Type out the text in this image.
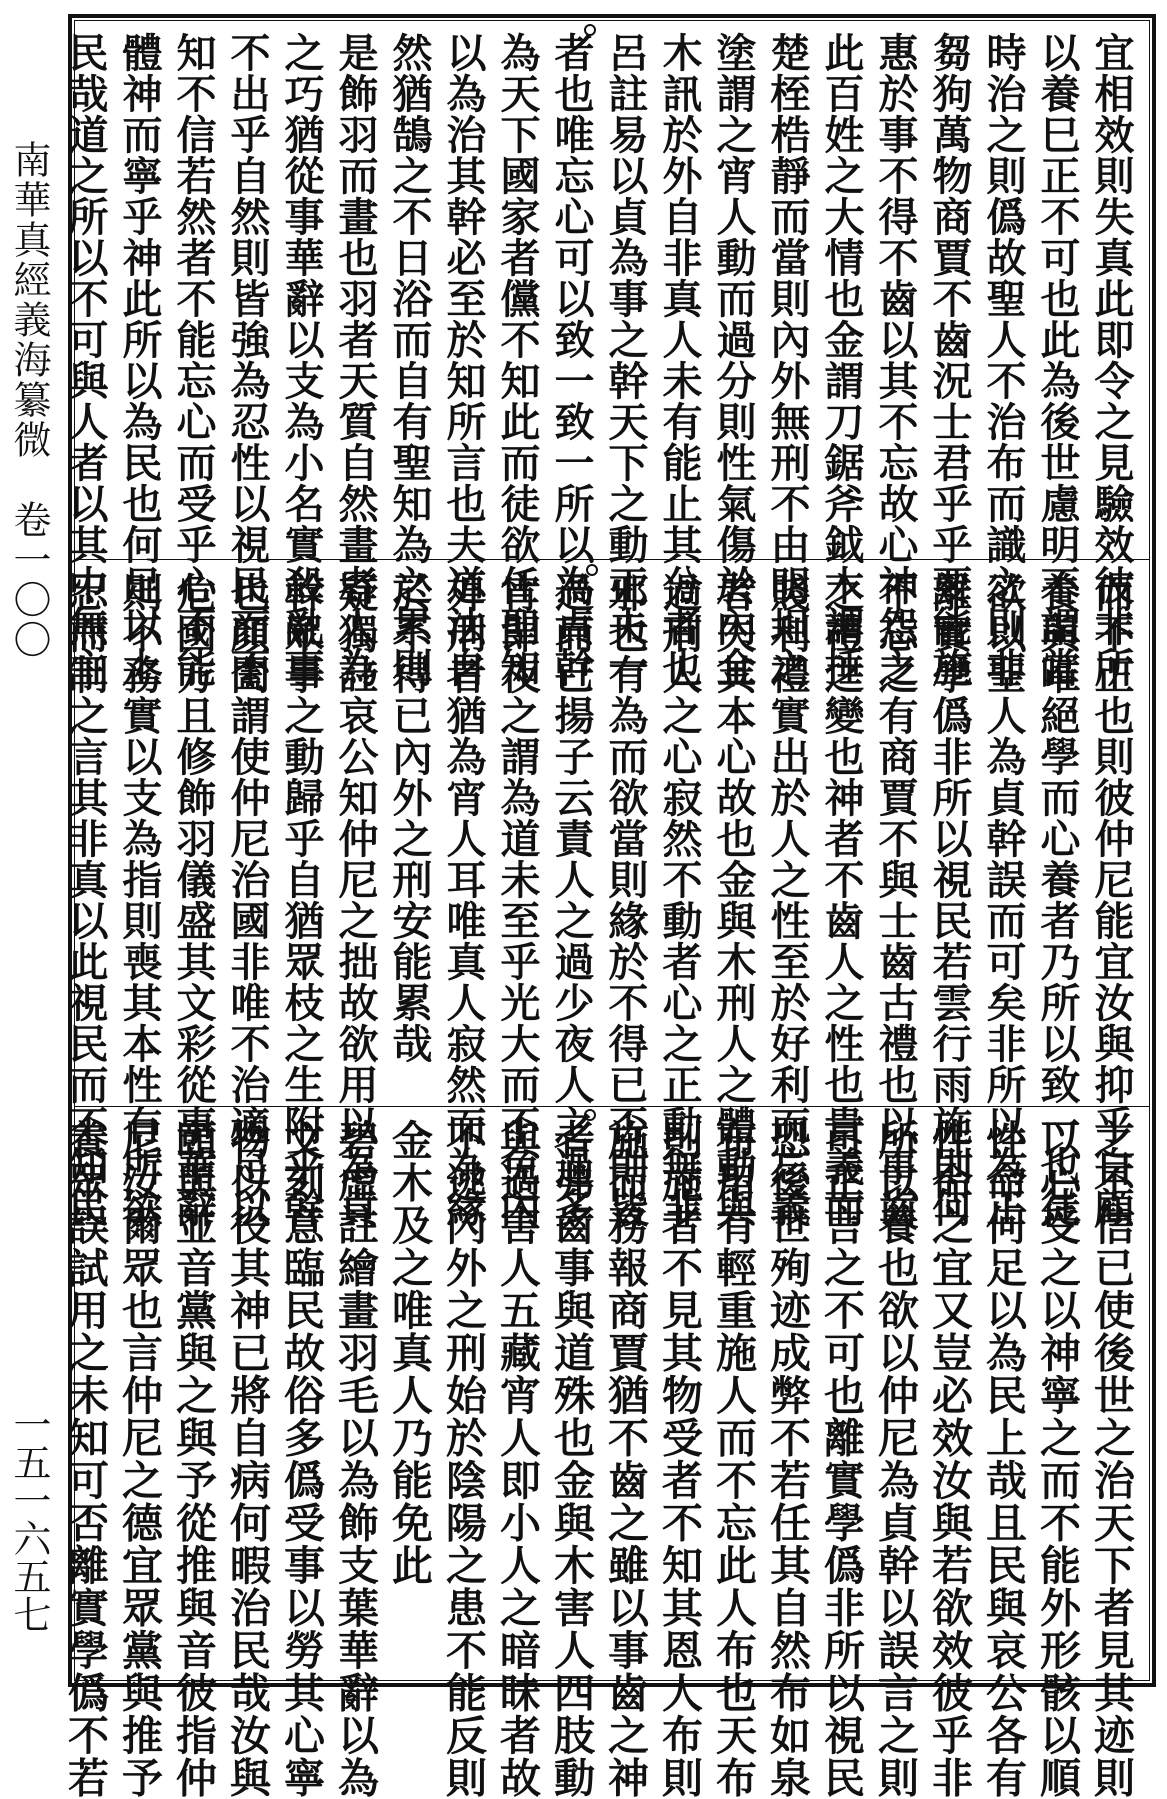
南華真經義海纂微　卷一〇〇
一五一六五七
宜相效則失真此即令之見驗效彼非所
以養巳正不可也此為後世慮明不謂當
時治之則僞故聖人不治布而識之則非
芻狗萬物商賈不齒況士君乎乎要能施
惠於事不得不齒以其不忘故心神怨之
此百姓之大情也金謂刀鋸斧鉞木謂捶
楚桎梏靜而當則內外無刑不由明坦之
塗謂之宵人動而過分則性氣傷於內金
木訊於外自非真人未有能止其分者也
呂註易以貞為事之幹天下之動正夫一
者也唯忘心可以致一致一所以為貞幹
為天下國家者儻不知此而徒欲任聖知
以為治其幹必至於知所言也夫道法自
然猶鵠之不日浴而自有聖知為之累則
是飾羽而畫也羽者天質自然畫者人為
之巧猶從事華辭以支為小名實殺亂事
不出乎自然則皆強為忍性以視民而不
知不信若然者不能忘心而受乎心不能
體神而寧乎神此所以為民也何足以上
民哉道之所以不可與人者以其中無主
而不正也則彼仲尼能宜汝與抑乎自顧
養與唯絕學而心養者乃所以致一也徒
欲以聖人為貞幹誤而可矣非所以為正
離實學僞非所以視民若雲行雨施則何
不忘之有商賈不與士齒古禮也以事齒
之禮之變也神者不齒人之性也貴義而
賤利禮實出於人之性至於好利而忘義
者失其本心故也金與木刑人之體動與
過刑人之心寂然不動者心之正動無非
邪也有為而欲當則緣於不得已否則皆
過而已揚子云責人之過少夜人之過多
宵即夜之謂為道未至乎光大而不免內
外刑者猶為宵人耳唯真人寂然而為緣
於不得已內外之刑安能累哉
疑獨註哀公知仲尼之拙故欲用以為貞
幹眾事之動歸乎自猶眾枝之生附乎幹
也顏闔謂使仲尼治國非唯不治適足以
危國方且修飾羽儀盛其文彩從事華辭
則不務實以支為指則喪其本性有所欲
忍而制之言其非真以此視民而不知民
之不信已使後世之治天下者見其迹則
以心受之以神寧之而不能外形骸以順
性命何足以為民上哉且民與哀公各有
性命之宜又豈必效汝與若欲效彼乎非
所以養也欲以仲尼為貞幹以誤言之則
可正言之不可也離實學僞非所以視民
恐後世殉迹成弊不若任其自然布如泉
布用有輕重施人而不忘此人布也天布
則施者不見其物受者不知其恩人布則
施而務報商賈猶不齒之雖以事齒之神
者弗齒事與道殊也金與木害人四肢動
與過害人五藏宵人即小人之暗昧者故
不逃內外之刑始於陰陽之患不能反則
金木及之唯真人乃能免此
碧虛註繪畫羽毛以為飾支葉華辭以為
文刻意臨民故俗多僞受事以勞其心寧
物以役其神已將自病何暇治民哉汝與
頤與並音黨與之與予從推與音彼指仲
尼汝爾眾也言仲尼之德宜眾黨與推予
養眾誤試用之未知可否離實學僞不若
